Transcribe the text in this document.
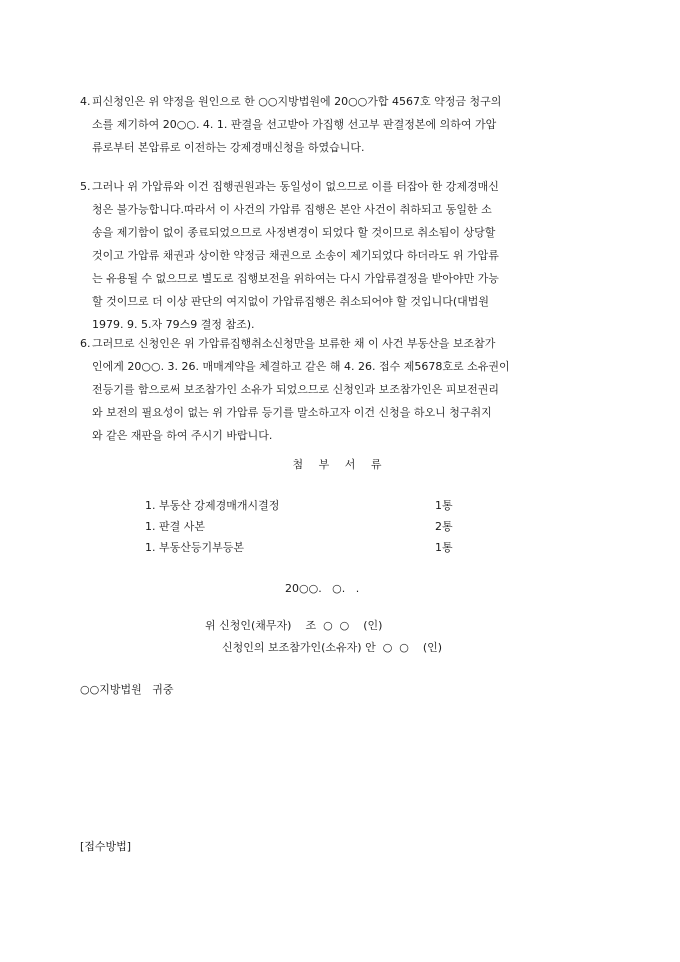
4. 피신청인은 위 약정을 원인으로 한 ○○지방법원에 20○○가합 4567호 약정금 청구의
소를 제기하여 20○○. 4. 1. 판결을 선고받아 가집행 선고부 판결정본에 의하여 가압
류로부터 본압류로 이전하는 강제경매신청을 하였습니다.
5. 그러나 위 가압류와 이건 집행권원과는 동일성이 없으므로 이를 터잡아 한 강제경매신
청은 불가능합니다.따라서 이 사건의 가압류 집행은 본안 사건이 취하되고 동일한 소
송을 제기함이 없이 종료되었으므로 사정변경이 되었다 할 것이므로 취소됨이 상당할
것이고 가압류 채권과 상이한 약정금 채권으로 소송이 제기되었다 하더라도 위 가압류
는 유용될 수 없으므로 별도로 집행보전을 위하여는 다시 가압류결정을 받아야만 가능
할 것이므로 더 이상 판단의 여지없이 가압류집행은 취소되어야 할 것입니다(대법원
1979. 9. 5.자 79스9 결정 참조).
6. 그러므로 신청인은 위 가압류집행취소신청만을 보류한 채 이 사건 부동산을 보조참가
인에게 20○○. 3. 26. 매매계약을 체결하고 같은 해 4. 26. 접수 제5678호로 소유권이
전등기를 함으로써 보조참가인 소유가 되었으므로 신청인과 보조참가인은 피보전권리
와 보전의 필요성이 없는 위 가압류 등기를 말소하고자 이건 신청을 하오니 청구취지
와 같은 재판을 하여 주시기 바랍니다.
첨 부 서 류
1. 부동산 강제경매개시결정	1통
1. 판결 사본	2통
1. 부동산등기부등본	1통
20○○.   ○.   .
위 신청인(채무자)    조  ○  ○    (인)
신청인의 보조참가인(소유자) 안  ○  ○    (인)
○○지방법원   귀중
[접수방법]
